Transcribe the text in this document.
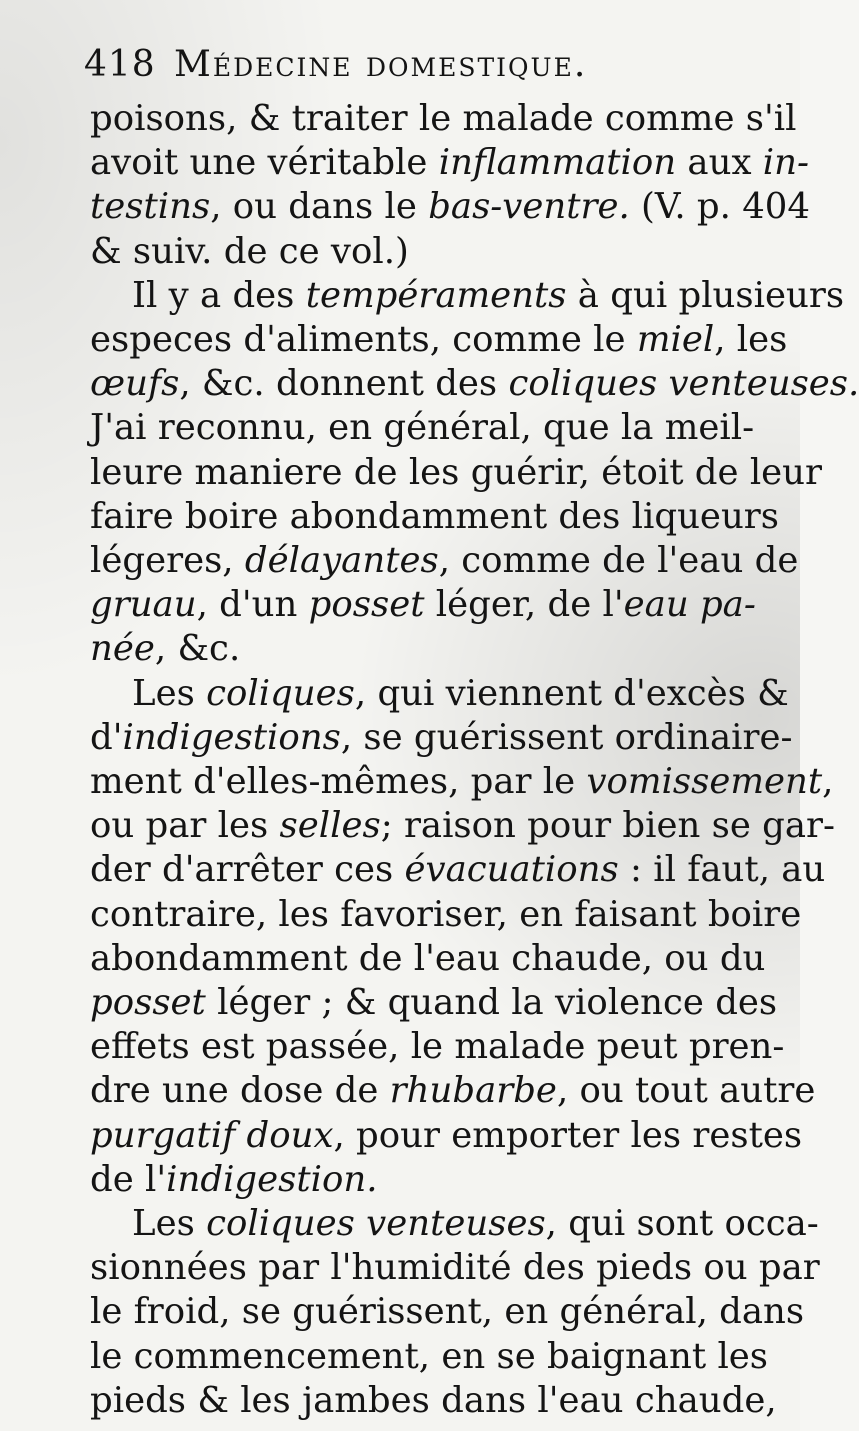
418 Médecine domestique.
poisons, & traiter le malade comme s'il
avoit une véritable inflammation aux in-
testins, ou dans le bas-ventre. (V. p. 404
& suiv. de ce vol.)
Il y a des tempéraments à qui plusieurs
especes d'aliments, comme le miel, les
œufs, &c. donnent des coliques venteuses.
J'ai reconnu, en général, que la meil-
leure maniere de les guérir, étoit de leur
faire boire abondamment des liqueurs
légeres, délayantes, comme de l'eau de
gruau, d'un posset léger, de l'eau pa-
née, &c.
Les coliques, qui viennent d'excès &
d'indigestions, se guérissent ordinaire-
ment d'elles-mêmes, par le vomissement,
ou par les selles; raison pour bien se gar-
der d'arrêter ces évacuations : il faut, au
contraire, les favoriser, en faisant boire
abondamment de l'eau chaude, ou du
posset léger ; & quand la violence des
effets est passée, le malade peut pren-
dre une dose de rhubarbe, ou tout autre
purgatif doux, pour emporter les restes
de l'indigestion.
Les coliques venteuses, qui sont occa-
sionnées par l'humidité des pieds ou par
le froid, se guérissent, en général, dans
le commencement, en se baignant les
pieds & les jambes dans l'eau chaude,
